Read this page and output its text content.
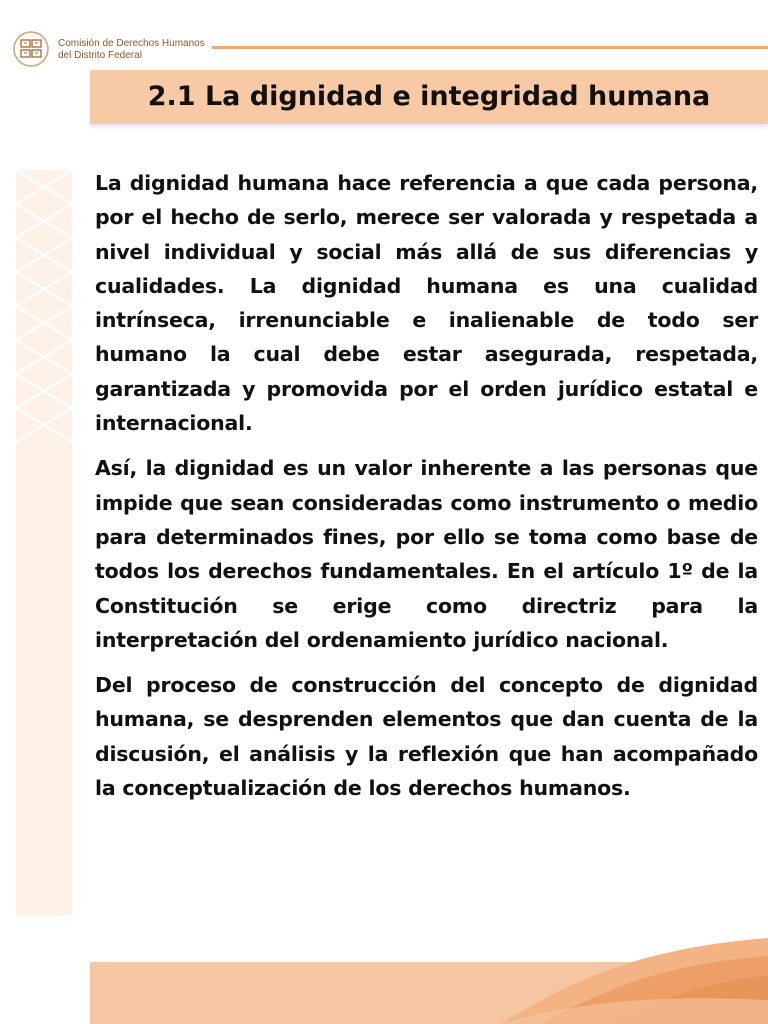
Comisión de Derechos Humanos
del Distrito Federal
2.1 La dignidad e integridad humana

La dignidad humana hace referencia a que cada persona, por el hecho de serlo, merece ser valorada y respetada a nivel individual y social más allá de sus diferencias y cualidades. La dignidad humana es una cualidad intrínseca, irrenunciable e inalienable de todo ser humano la cual debe estar asegurada, respetada, garantizada y promovida por el orden jurídico estatal e internacional.

Así, la dignidad es un valor inherente a las personas que impide que sean consideradas como instrumento o medio para determinados fines, por ello se toma como base de todos los derechos fundamentales. En el artículo 1º de la Constitución se erige como directriz para la interpretación del ordenamiento jurídico nacional.

Del proceso de construcción del concepto de dignidad humana, se desprenden elementos que dan cuenta de la discusión, el análisis y la reflexión que han acompañado la conceptualización de los derechos humanos.
